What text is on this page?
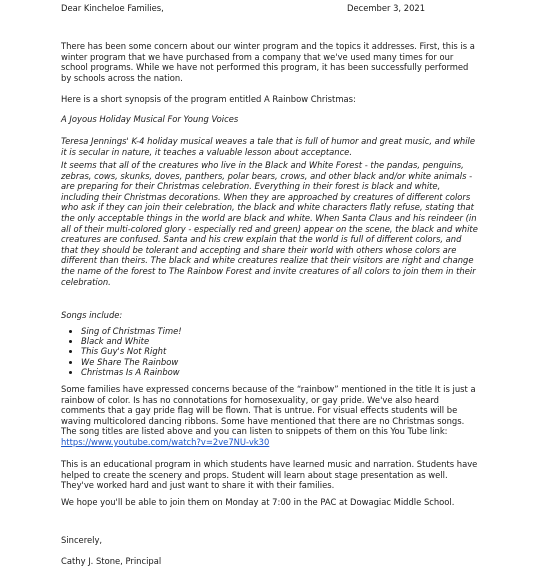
Dear Kincheloe Families,	December 3, 2021

There has been some concern about our winter program and the topics it addresses. First, this is a winter program that we have purchased from a company that we've used many times for our school programs. While we have not performed this program, it has been successfully performed by schools across the nation.

Here is a short synopsis of the program entitled A Rainbow Christmas:

A Joyous Holiday Musical For Young Voices

Teresa Jennings' K-4 holiday musical weaves a tale that is full of humor and great music, and while it is secular in nature, it teaches a valuable lesson about acceptance.

It seems that all of the creatures who live in the Black and White Forest - the pandas, penguins, zebras, cows, skunks, doves, panthers, polar bears, crows, and other black and/or white animals - are preparing for their Christmas celebration. Everything in their forest is black and white, including their Christmas decorations. When they are approached by creatures of different colors who ask if they can join their celebration, the black and white characters flatly refuse, stating that the only acceptable things in the world are black and white. When Santa Claus and his reindeer (in all of their multi-colored glory - especially red and green) appear on the scene, the black and white creatures are confused. Santa and his crew explain that the world is full of different colors, and that they should be tolerant and accepting and share their world with others whose colors are different than theirs. The black and white creatures realize that their visitors are right and change the name of the forest to The Rainbow Forest and invite creatures of all colors to join them in their celebration.

Songs include:

• Sing of Christmas Time!
• Black and White
• This Guy's Not Right
• We Share The Rainbow
• Christmas Is A Rainbow

Some families have expressed concerns because of the “rainbow” mentioned in the title It is just a rainbow of color. Is has no connotations for homosexuality, or gay pride. We've also heard comments that a gay pride flag will be flown. That is untrue. For visual effects students will be waving multicolored dancing ribbons. Some have mentioned that there are no Christmas songs. The song titles are listed above and you can listen to snippets of them on this You Tube link:  https://www.youtube.com/watch?v=2ve7NU-vk30

This is an educational program in which students have learned music and narration. Students have helped to create the scenery and props. Student will learn about stage presentation as well. They've worked hard and just want to share it with their families.

We hope you'll be able to join them on Monday at 7:00 in the PAC at Dowagiac Middle School.

Sincerely,
Cathy J. Stone, Principal
